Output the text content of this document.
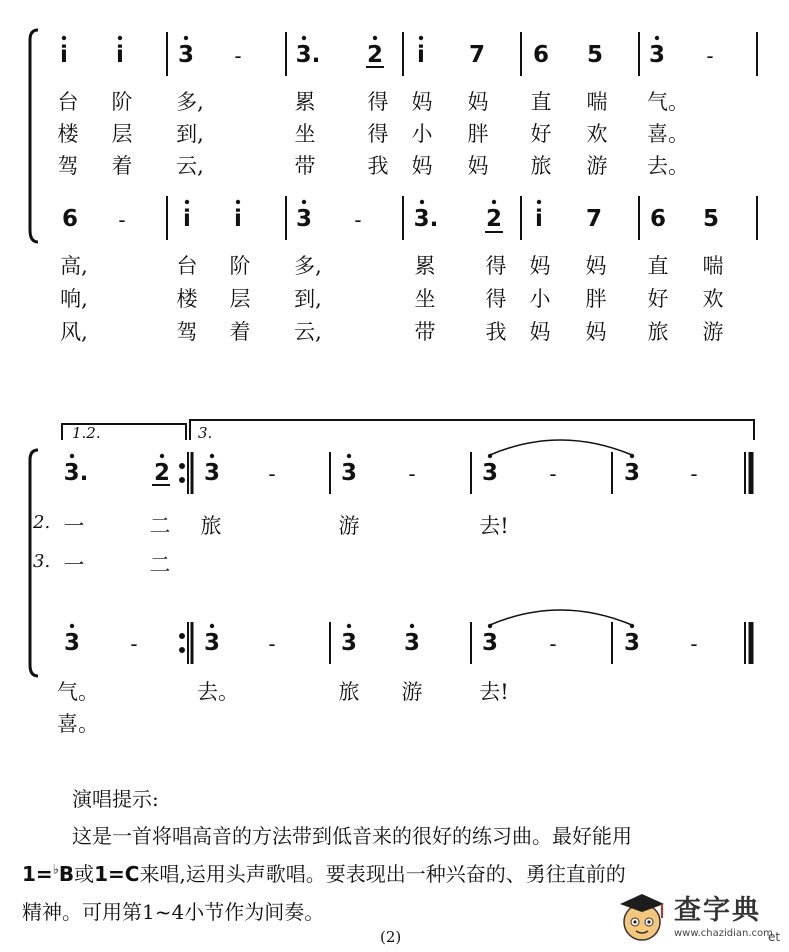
i i 3 - 3. 2 i 7 6 5 3 -
台 阶 多,	累 得 妈 妈 直 喘 气。
楼 层 到,	坐 得 小 胖 好 欢 喜。
驾 着 云,	带 我 妈 妈 旅 游 去。
6 - i i 3 - 3. 2 i 7 6 5
高,	台 阶 多,	累 得 妈 妈 直 喘
响,	楼 层 到,	坐 得 小 胖 好 欢
风,	驾 着 云,	带 我 妈 妈 旅 游
1.2.	3.
3.	2 3 -	3	-	3	-	3	-
2. 一	二 旅	游	去!
3. 一	二
3	-	3 -	3 3	3	-	3	-
气。	去。	旅 游	去!
喜。
演唱提示:
这是一首将唱高音的方法带到低音来的很好的练习曲。最好能用
1=♭B或1=C来唱,运用头声歌唱。要表现出一种兴奋的、勇往直前的
精神。可用第1~4小节作为间奏。
(2)
查字典
www.chazidian.com
et
